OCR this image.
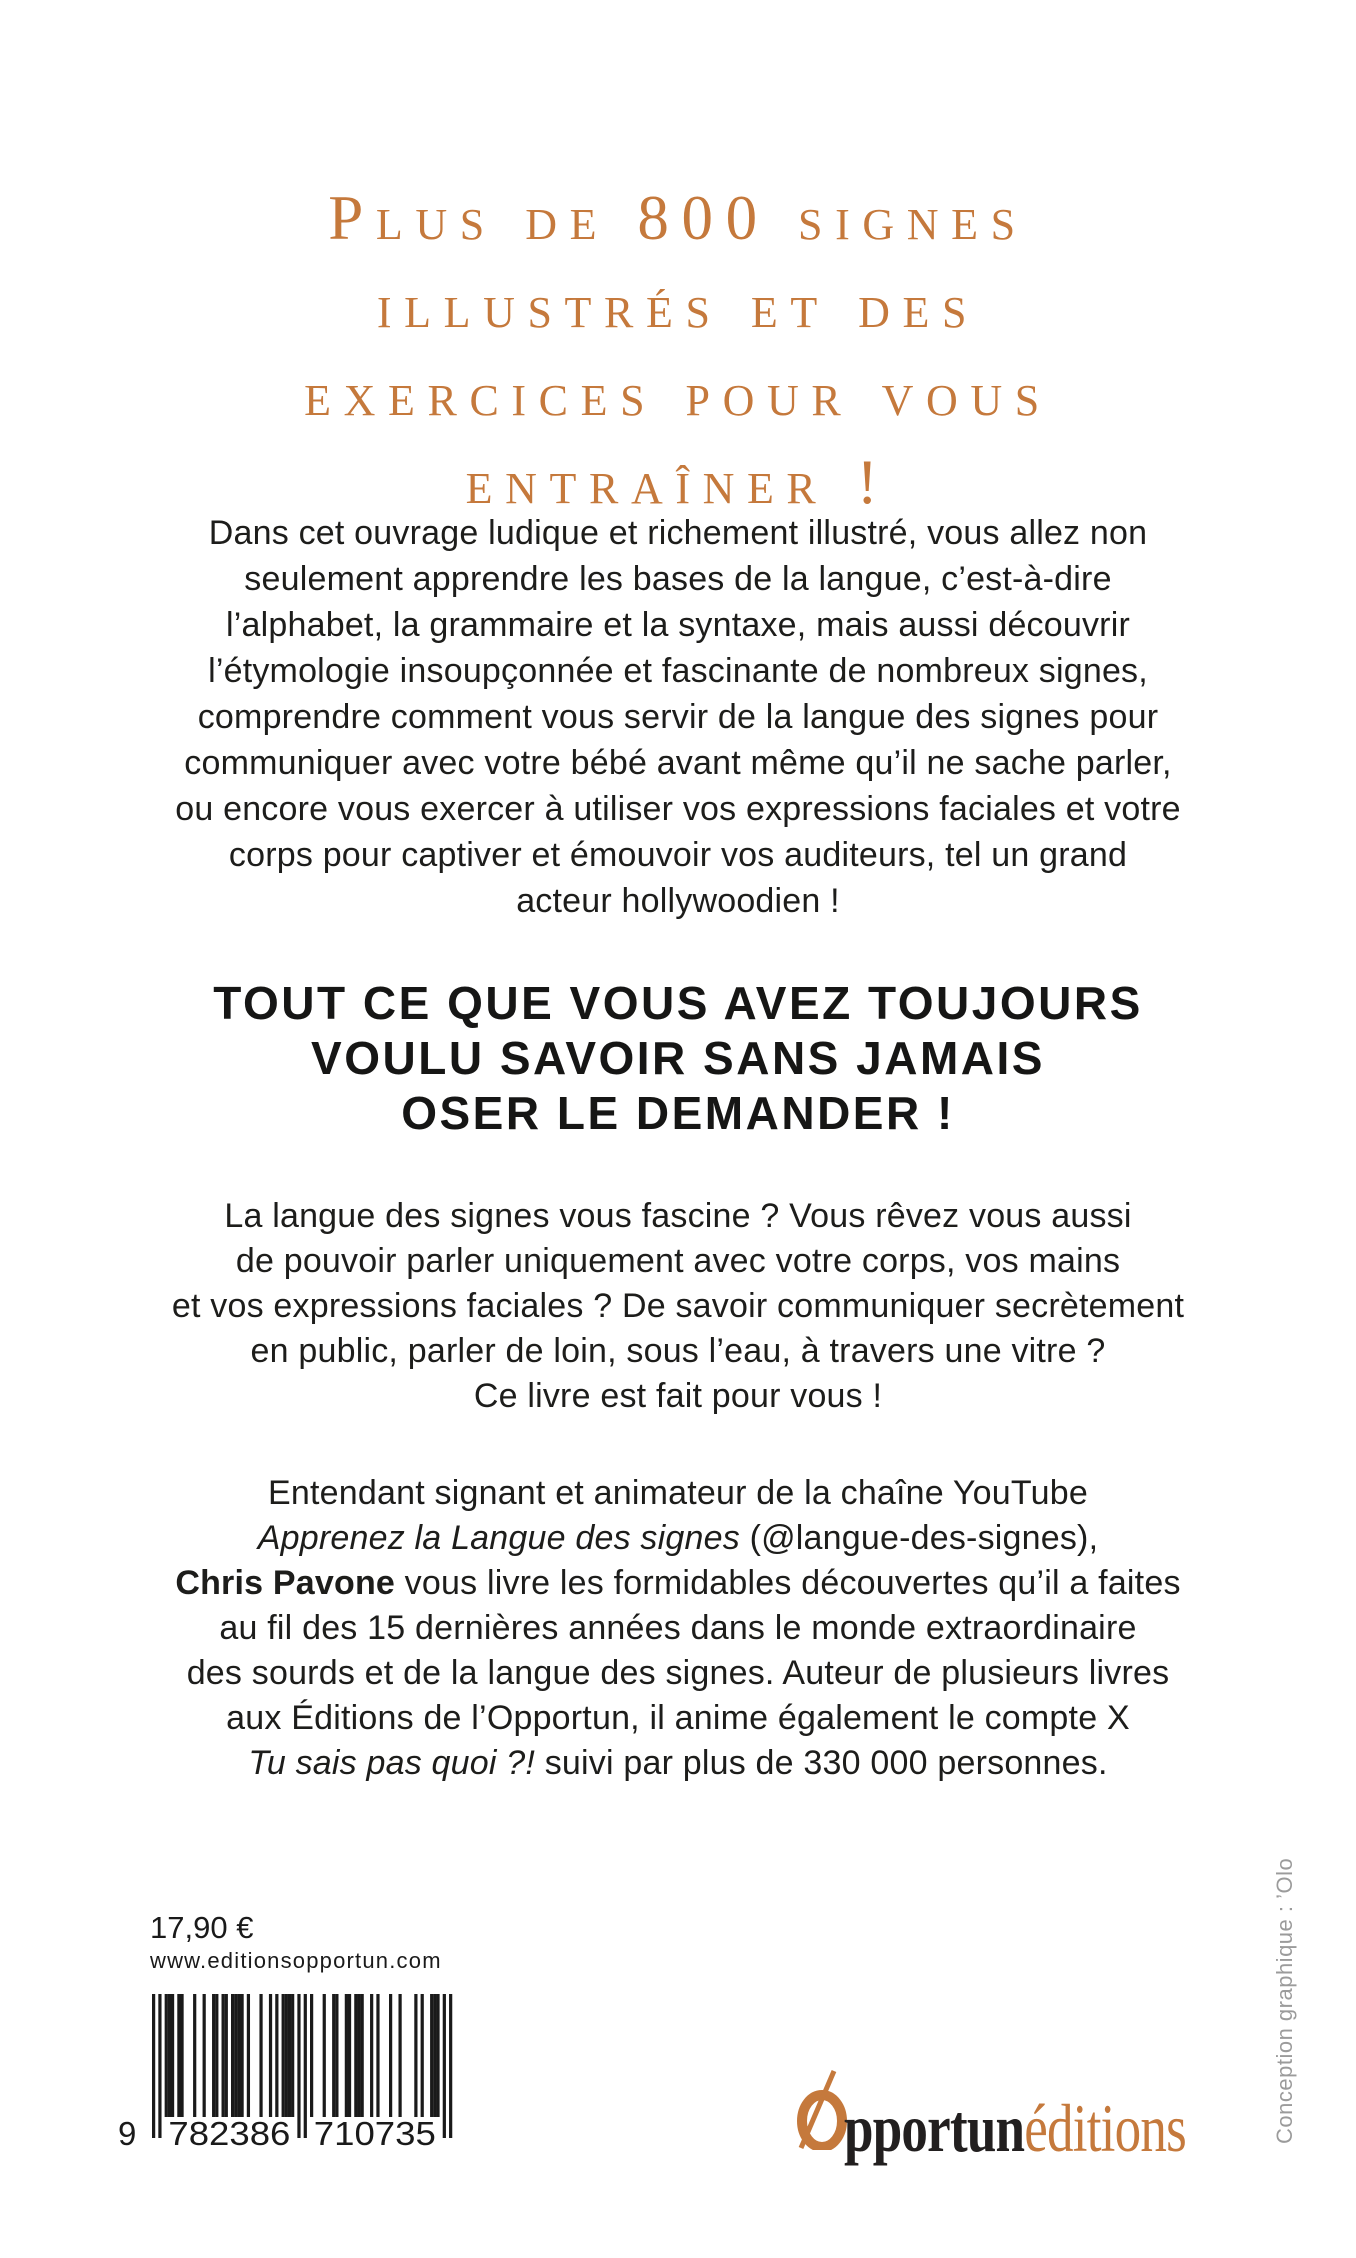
Plus de 800 signes
illustrés et des
exercices pour vous
entraîner !
Dans cet ouvrage ludique et richement illustré, vous allez non
seulement apprendre les bases de la langue, c’est-à-dire
l’alphabet, la grammaire et la syntaxe, mais aussi découvrir
l’étymologie insoupçonnée et fascinante de nombreux signes,
comprendre comment vous servir de la langue des signes pour
communiquer avec votre bébé avant même qu’il ne sache parler,
ou encore vous exercer à utiliser vos expressions faciales et votre
corps pour captiver et émouvoir vos auditeurs, tel un grand
acteur hollywoodien !
TOUT CE QUE VOUS AVEZ TOUJOURS
VOULU SAVOIR SANS JAMAIS
OSER LE DEMANDER !
La langue des signes vous fascine ? Vous rêvez vous aussi
de pouvoir parler uniquement avec votre corps, vos mains
et vos expressions faciales ? De savoir communiquer secrètement
en public, parler de loin, sous l’eau, à travers une vitre ?
Ce livre est fait pour vous !
Entendant signant et animateur de la chaîne YouTube
Apprenez la Langue des signes (@langue-des-signes),
Chris Pavone vous livre les formidables découvertes qu’il a faites
au fil des 15 dernières années dans le monde extraordinaire
des sourds et de la langue des signes. Auteur de plusieurs livres
aux Éditions de l’Opportun, il anime également le compte X
Tu sais pas quoi ?! suivi par plus de 330 000 personnes.
17,90 €
www.editionsopportun.com
9 782386 710735	pportunéditions	Conception graphique : ’Olo
